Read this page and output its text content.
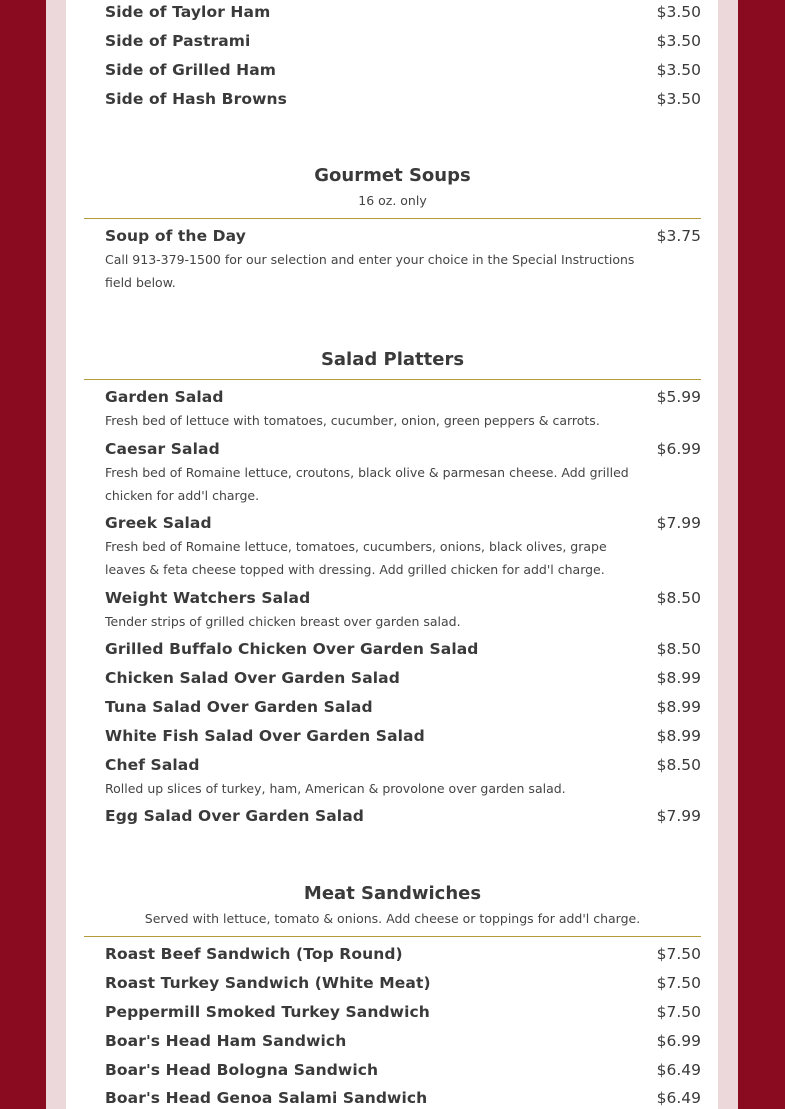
Side of Taylor Ham	$3.50
Side of Pastrami	$3.50
Side of Grilled Ham	$3.50
Side of Hash Browns	$3.50
Gourmet Soups
16 oz. only
Soup of the Day	$3.75
Call 913-379-1500 for our selection and enter your choice in the Special Instructions field below.
Salad Platters
Garden Salad	$5.99
Fresh bed of lettuce with tomatoes, cucumber, onion, green peppers & carrots.
Caesar Salad	$6.99
Fresh bed of Romaine lettuce, croutons, black olive & parmesan cheese. Add grilled chicken for add'l charge.
Greek Salad	$7.99
Fresh bed of Romaine lettuce, tomatoes, cucumbers, onions, black olives, grape leaves & feta cheese topped with dressing. Add grilled chicken for add'l charge.
Weight Watchers Salad	$8.50
Tender strips of grilled chicken breast over garden salad.
Grilled Buffalo Chicken Over Garden Salad	$8.50
Chicken Salad Over Garden Salad	$8.99
Tuna Salad Over Garden Salad	$8.99
White Fish Salad Over Garden Salad	$8.99
Chef Salad	$8.50
Rolled up slices of turkey, ham, American & provolone over garden salad.
Egg Salad Over Garden Salad	$7.99
Meat Sandwiches
Served with lettuce, tomato & onions. Add cheese or toppings for add'l charge.
Roast Beef Sandwich (Top Round)	$7.50
Roast Turkey Sandwich (White Meat)	$7.50
Peppermill Smoked Turkey Sandwich	$7.50
Boar's Head Ham Sandwich	$6.99
Boar's Head Bologna Sandwich	$6.49
Boar's Head Genoa Salami Sandwich	$6.49
